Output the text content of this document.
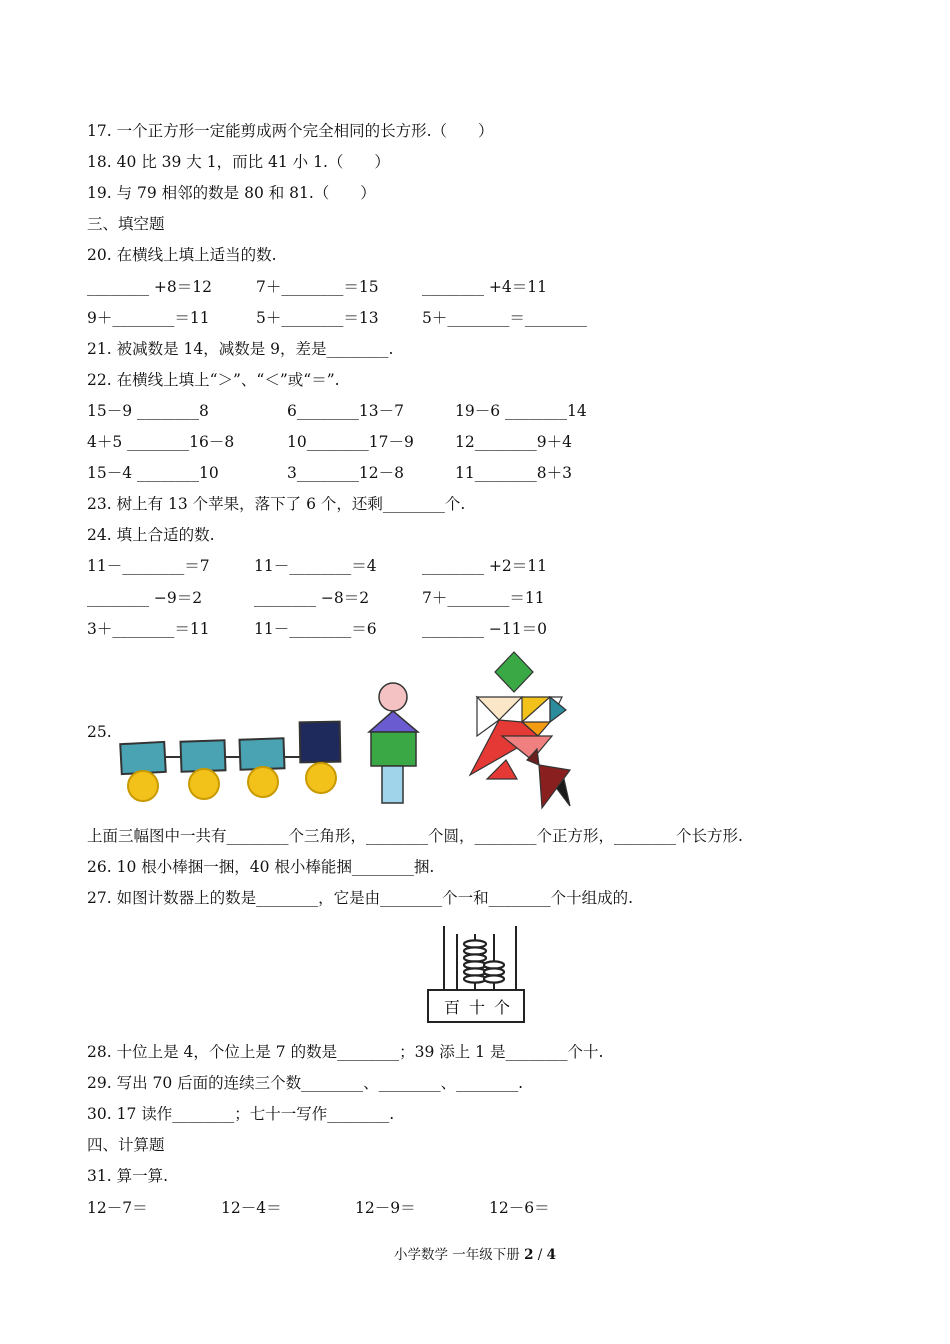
17. 一个正方形一定能剪成两个完全相同的长方形.（　　）
18. 40 比 39 大 1，而比 41 小 1.（　　）
19. 与 79 相邻的数是 80 和 81.（　　）
三、填空题
20. 在横线上填上适当的数.
________ +8＝12	7＋________＝15	________ +4＝11
9＋________＝11	5＋________＝13	5＋________＝________
21. 被减数是 14，减数是 9，差是________.
22. 在横线上填上“＞”、“＜”或“＝”.
15－9 ________8	6________13－7	19－6 ________14
4＋5 ________16－8	10________17－9	12________9＋4
15－4 ________10	3________12－8	11________8＋3
23. 树上有 13 个苹果，落下了 6 个，还剩________个.
24. 填上合适的数.
11－________＝7	11－________＝4	________ +2＝11
________ −9＝2	________ −8＝2	7＋________＝11
3＋________＝11	11－________＝6	________ −11＝0
25.
上面三幅图中一共有________个三角形，________个圆，________个正方形，________个长方形.
26. 10 根小棒捆一捆，40 根小棒能捆________捆.
27. 如图计数器上的数是________，它是由________个一和________个十组成的.
百 十 个
28. 十位上是 4，个位上是 7 的数是________；39 添上 1 是________个十.
29. 写出 70 后面的连续三个数________、________、________.
30. 17 读作________；七十一写作________.
四、计算题
31. 算一算.
12－7＝	12－4＝	12－9＝	12－6＝
小学数学 一年级下册 2 / 4
